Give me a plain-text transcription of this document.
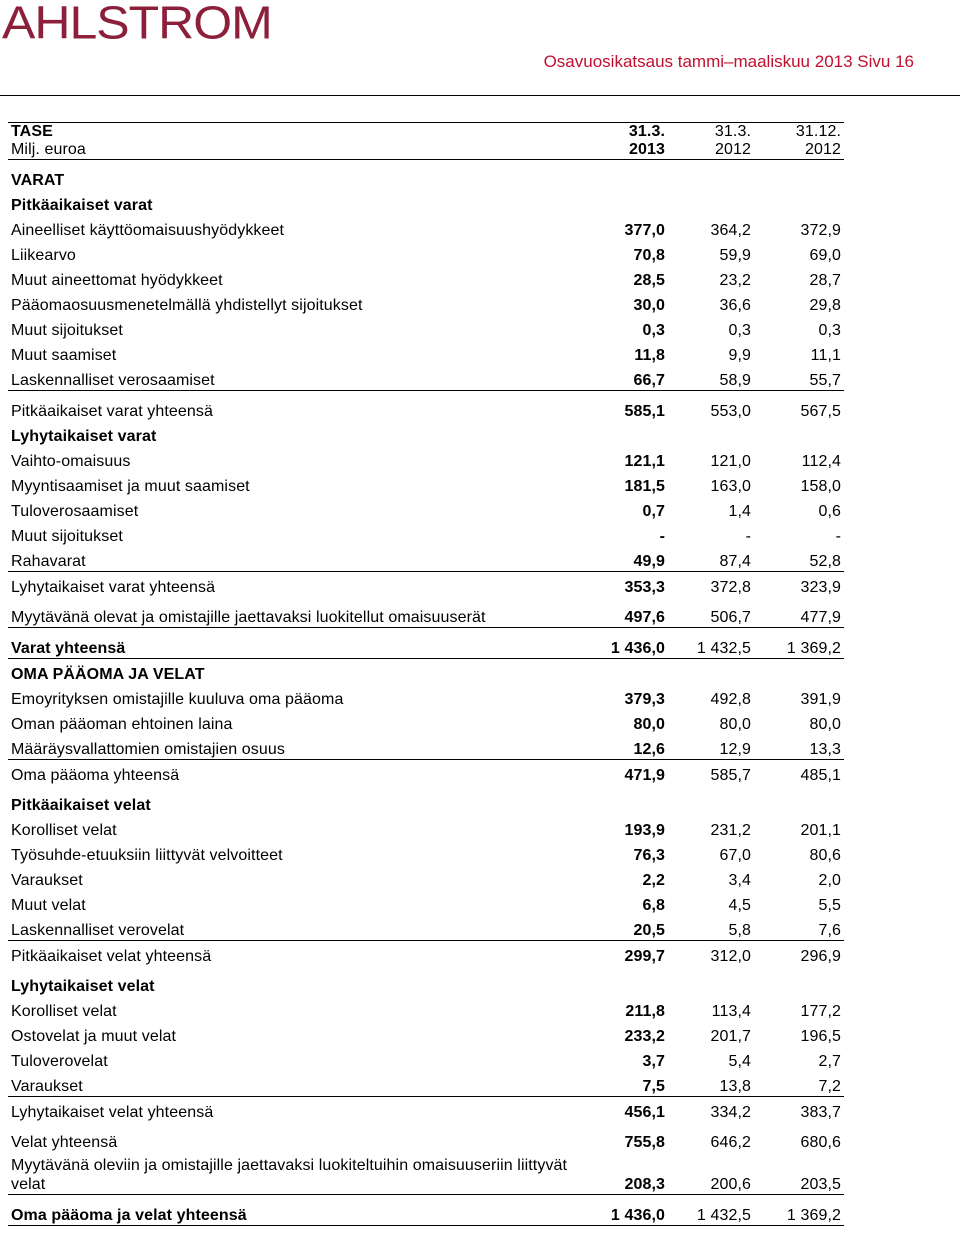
AHLSTROM
Osavuosikatsaus tammi–maaliskuu 2013 Sivu 16
TASE	31.3.	31.3.	31.12.
Milj. euroa	2013	2012	2012
VARAT			
Pitkäaikaiset varat			
Aineelliset käyttöomaisuushyödykkeet	377,0	364,2	372,9
Liikearvo	70,8	59,9	69,0
Muut aineettomat hyödykkeet	28,5	23,2	28,7
Pääomaosuusmenetelmällä yhdistellyt sijoitukset	30,0	36,6	29,8
Muut sijoitukset	0,3	0,3	0,3
Muut saamiset	11,8	9,9	11,1
Laskennalliset verosaamiset	66,7	58,9	55,7
Pitkäaikaiset varat yhteensä	585,1	553,0	567,5
Lyhytaikaiset varat			
Vaihto-omaisuus	121,1	121,0	112,4
Myyntisaamiset ja muut saamiset	181,5	163,0	158,0
Tuloverosaamiset	0,7	1,4	0,6
Muut sijoitukset	-	-	-
Rahavarat	49,9	87,4	52,8
Lyhytaikaiset varat yhteensä	353,3	372,8	323,9
Myytävänä olevat ja omistajille jaettavaksi luokitellut omaisuuserät	497,6	506,7	477,9
Varat yhteensä	1 436,0	1 432,5	1 369,2
OMA PÄÄOMA JA VELAT			
Emoyrityksen omistajille kuuluva oma pääoma	379,3	492,8	391,9
Oman pääoman ehtoinen laina	80,0	80,0	80,0
Määräysvallattomien omistajien osuus	12,6	12,9	13,3
Oma pääoma yhteensä	471,9	585,7	485,1
Pitkäaikaiset velat			
Korolliset velat	193,9	231,2	201,1
Työsuhde-etuuksiin liittyvät velvoitteet	76,3	67,0	80,6
Varaukset	2,2	3,4	2,0
Muut velat	6,8	4,5	5,5
Laskennalliset verovelat	20,5	5,8	7,6
Pitkäaikaiset velat yhteensä	299,7	312,0	296,9
Lyhytaikaiset velat			
Korolliset velat	211,8	113,4	177,2
Ostovelat ja muut velat	233,2	201,7	196,5
Tuloverovelat	3,7	5,4	2,7
Varaukset	7,5	13,8	7,2
Lyhytaikaiset velat yhteensä	456,1	334,2	383,7
Velat yhteensä	755,8	646,2	680,6
Myytävänä oleviin ja omistajille jaettavaksi luokiteltuihin omaisuuseriin liittyvät velat	208,3	200,6	203,5
Oma pääoma ja velat yhteensä	1 436,0	1 432,5	1 369,2
